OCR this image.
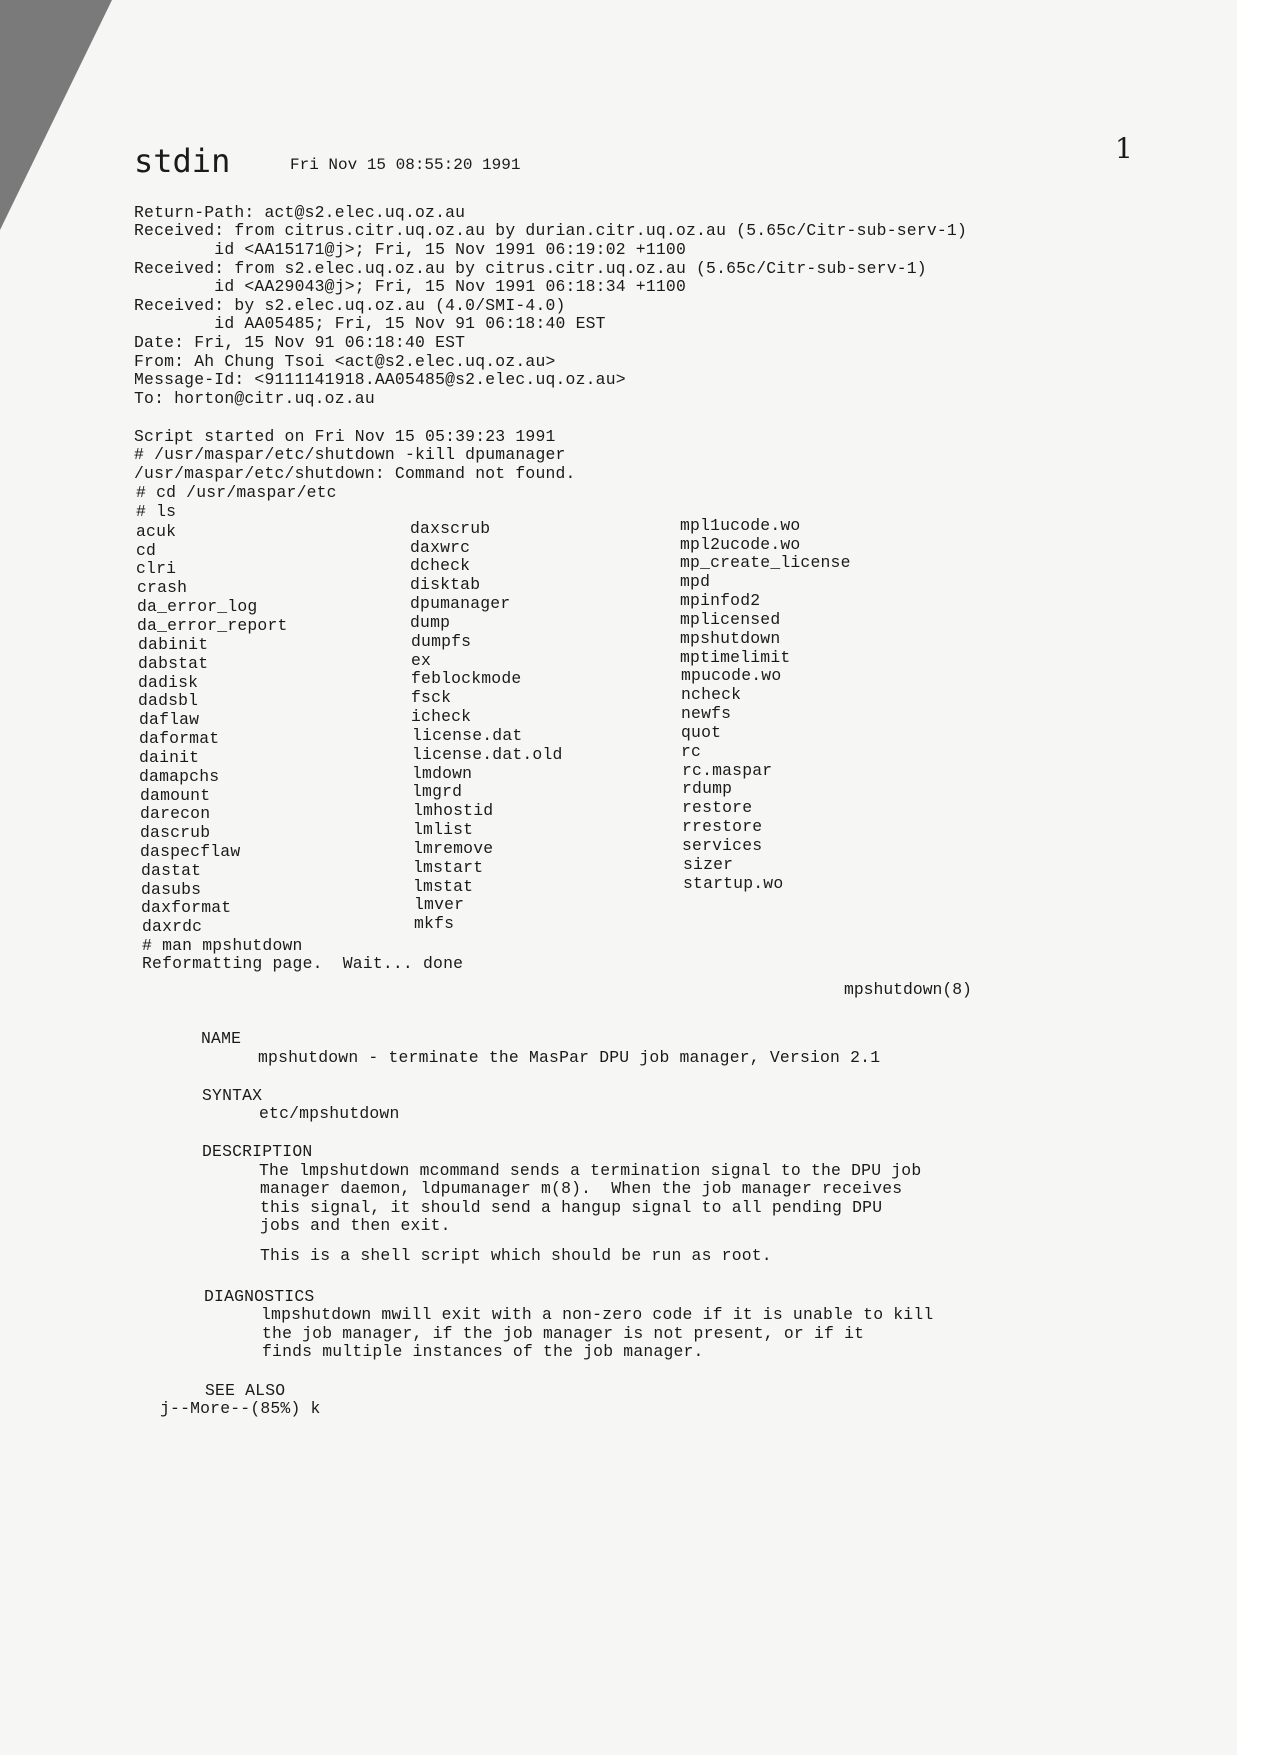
stdin	Fri Nov 15 08:55:20 1991	1
Return-Path: act@s2.elec.uq.oz.au
Received: from citrus.citr.uq.oz.au by durian.citr.uq.oz.au (5.65c/Citr-sub-serv-1)
id <AA15171@j>; Fri, 15 Nov 1991 06:19:02 +1100
Received: from s2.elec.uq.oz.au by citrus.citr.uq.oz.au (5.65c/Citr-sub-serv-1)
id <AA29043@j>; Fri, 15 Nov 1991 06:18:34 +1100
Received: by s2.elec.uq.oz.au (4.0/SMI-4.0)
id AA05485; Fri, 15 Nov 91 06:18:40 EST
Date: Fri, 15 Nov 91 06:18:40 EST
From: Ah Chung Tsoi <act@s2.elec.uq.oz.au>
Message-Id: <9111141918.AA05485@s2.elec.uq.oz.au>
To: horton@citr.uq.oz.au
Script started on Fri Nov 15 05:39:23 1991
# /usr/maspar/etc/shutdown -kill dpumanager
/usr/maspar/etc/shutdown: Command not found.
# cd /usr/maspar/etc
# ls
acuk
cd
clri
crash
da_error_log
da_error_report
dabinit
dabstat
dadisk
dadsbl
daflaw
daformat
dainit
damapchs
damount
darecon
dascrub
daspecflaw
dastat
dasubs
daxformat
daxrdc
daxscrub
daxwrc
dcheck
disktab
dpumanager
dump
dumpfs
ex
feblockmode
fsck
icheck
license.dat
license.dat.old
lmdown
lmgrd
lmhostid
lmlist
lmremove
lmstart
lmstat
lmver
mkfs
mpl1ucode.wo
mpl2ucode.wo
mp_create_license
mpd
mpinfod2
mplicensed
mpshutdown
mptimelimit
mpucode.wo
ncheck
newfs
quot
rc
rc.maspar
rdump
restore
rrestore
services
sizer
startup.wo
# man mpshutdown
Reformatting page.  Wait... done
mpshutdown(8)
NAME
mpshutdown - terminate the MasPar DPU job manager, Version 2.1
SYNTAX
etc/mpshutdown
DESCRIPTION
The lmpshutdown mcommand sends a termination signal to the DPU job
manager daemon, ldpumanager m(8).  When the job manager receives
this signal, it should send a hangup signal to all pending DPU
jobs and then exit.
This is a shell script which should be run as root.
DIAGNOSTICS
lmpshutdown mwill exit with a non-zero code if it is unable to kill
the job manager, if the job manager is not present, or if it
finds multiple instances of the job manager.
SEE ALSO
j--More--(85%) k
